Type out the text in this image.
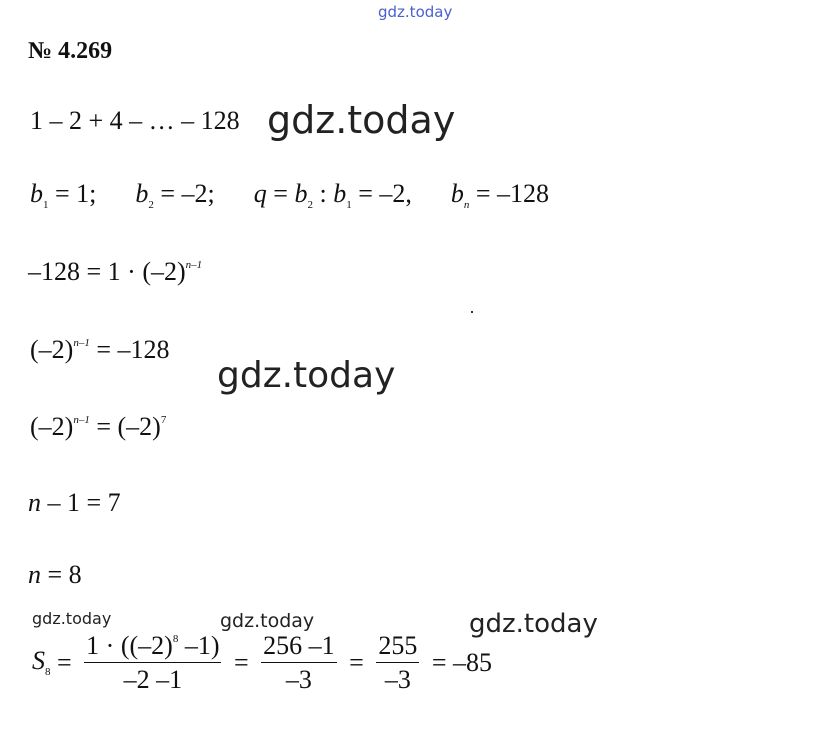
gdz.today
gdz.today
gdz.today
gdz.today	gdz.today	gdz.today
№ 4.269
1 – 2 + 4 – … – 128
$b_1 = 1$; $b_2 = -2$; $q = b_2$ : $b_1 = -2$, $b_n = -128$
$-128 = 1 \cdot (-2)^{n-1}$
$(-2)^{n-1} = -128$
$(-2)^{n-1} = (-2)^7$
n – 1 = 7
n = 8
$S_8 = \frac{1 \cdot ((-2)^8 -1)}{-2 -1} = \frac{256 -1}{-3} = \frac{255}{-3} = -85$
